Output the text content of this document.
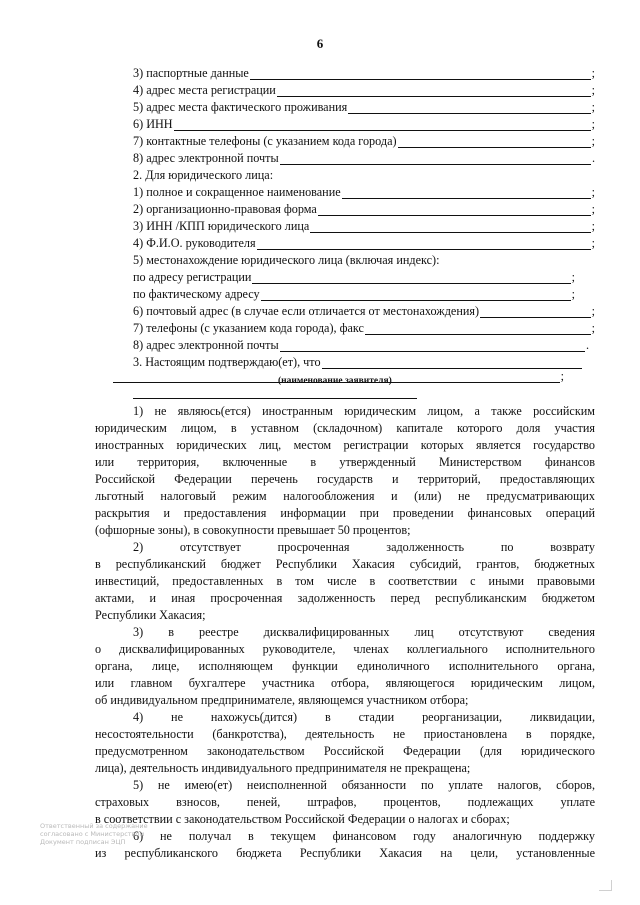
6
3) паспортные данные	;
4) адрес места регистрации	;
5) адрес места фактического проживания	;
6) ИНН	;
7) контактные телефоны (с указанием кода города)	;
8) адрес электронной почты	.
2. Для юридического лица:
1) полное и сокращенное наименование	;
2) организационно-правовая форма	;
3) ИНН /КПП юридического лица	;
4) Ф.И.О. руководителя	;
5) местонахождение юридического лица (включая индекс):
по адресу регистрации	;
по фактическому адресу	;
6) почтовый адрес (в случае если отличается от местонахождения)	;
7) телефоны (с указанием кода города), факс	;
8) адрес электронной почты	.
3. Настоящим подтверждаю(ет), что
;
(наименование заявителя)
1) не являюсь(ется) иностранным юридическим лицом, а также российским
юридическим лицом, в уставном (складочном) капитале которого доля участия
иностранных юридических лиц, местом регистрации которых является государство
или территория, включенные в утвержденный Министерством финансов
Российской Федерации перечень государств и территорий, предоставляющих
льготный налоговый режим налогообложения и (или) не предусматривающих
раскрытия и предоставления информации при проведении финансовых операций
(офшорные зоны), в совокупности превышает 50 процентов;
2) отсутствует просроченная задолженность по возврату
в республиканский бюджет Республики Хакасия субсидий, грантов, бюджетных
инвестиций, предоставленных в том числе в соответствии с иными правовыми
актами, и иная просроченная задолженность перед республиканским бюджетом
Республики Хакасия;
3) в реестре дисквалифицированных лиц отсутствуют сведения
о дисквалифицированных руководителе, членах коллегиального исполнительного
органа, лице, исполняющем функции единоличного исполнительного органа,
или главном бухгалтере участника отбора, являющегося юридическим лицом,
об индивидуальном предпринимателе, являющемся участником отбора;
4) не нахожусь(дится) в стадии реорганизации, ликвидации,
несостоятельности (банкротства), деятельность не приостановлена в порядке,
предусмотренном законодательством Российской Федерации (для юридического
лица), деятельность индивидуального предпринимателя не прекращена;
5) не имею(ет) неисполненной обязанности по уплате налогов, сборов,
страховых взносов, пеней, штрафов, процентов, подлежащих уплате
в соответствии с законодательством Российской Федерации о налогах и сборах;
6) не получал в текущем финансовом году аналогичную поддержку
из республиканского бюджета Республики Хакасия на цели, установленные
Ответственный за содержание
согласовано с Министерством
Документ подписан ЭЦП
